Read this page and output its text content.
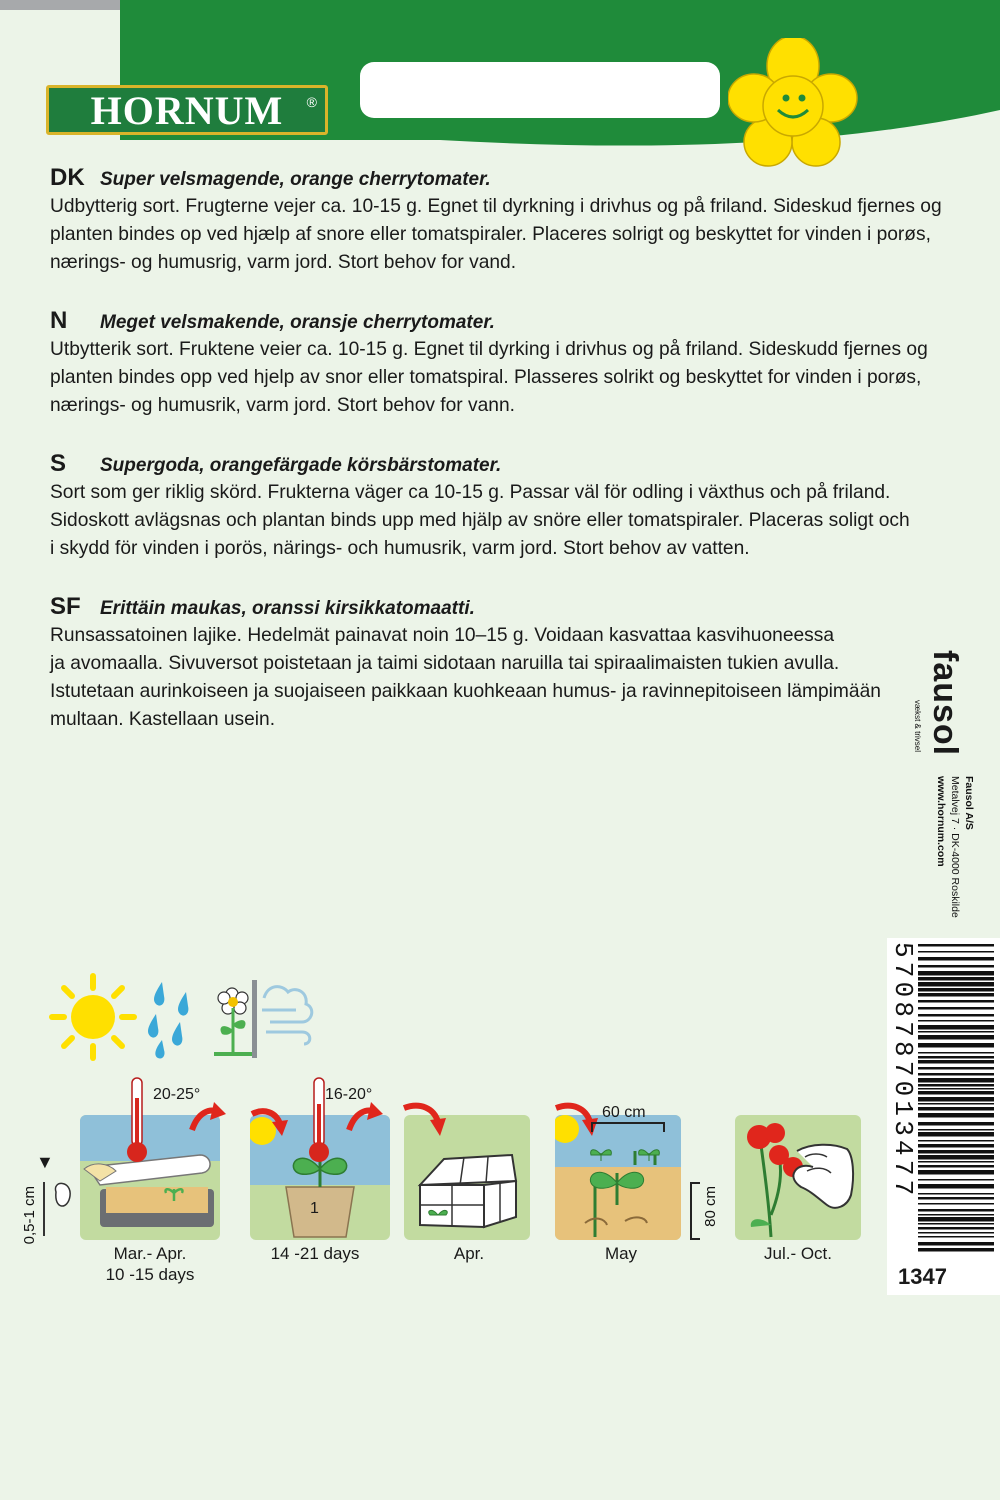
HORNUM ®
DK Super velsmagende, orange cherrytomater.
Udbytterig sort. Frugterne vejer ca. 10-15 g. Egnet til dyrkning i drivhus og på friland. Sideskud fjernes og
planten bindes op ved hjælp af snore eller tomatspiraler. Placeres solrigt og beskyttet for vinden i porøs,
nærings- og humusrig, varm jord. Stort behov for vand.
N Meget velsmakende, oransje cherrytomater.
Utbytterik sort. Fruktene veier ca. 10-15 g. Egnet til dyrking i drivhus og på friland. Sideskudd fjernes og
planten bindes opp ved hjelp av snor eller tomatspiral. Plasseres solrikt og beskyttet for vinden i porøs,
nærings- og humusrik, varm jord. Stort behov for vann.
S Supergoda, orangefärgade körsbärstomater.
Sort som ger riklig skörd. Frukterna väger ca 10-15 g. Passar väl för odling i växthus och på friland.
Sidoskott avlägsnas och plantan binds upp med hjälp av snöre eller tomatspiraler. Placeras soligt och
i skydd för vinden i porös, närings- och humusrik, varm jord. Stort behov av vatten.
SF Erittäin maukas, oranssi kirsikkatomaatti.
Runsassatoinen lajike. Hedelmät painavat noin 10–15 g. Voidaan kasvattaa kasvihuoneessa
ja avomaalla. Sivuversot poistetaan ja taimi sidotaan naruilla tai spiraalimaisten tukien avulla.
Istutetaan aurinkoiseen ja suojaiseen paikkaan kuohkeaan humus- ja ravinnepitoiseen lämpimään
multaan. Kastellaan usein.	fausol
vækst & trivsel
Fausol A/S
Metalvej 7 · DK-4000 Roskilde
www.hornum.com
5708787013477
1347
▼
0,5-1 cm
20-25°
1
16-20°
60 cm
80 cm
Mar.- Apr.
10 -15 days
14 -21 days	Apr.	May	Jul.- Oct.
